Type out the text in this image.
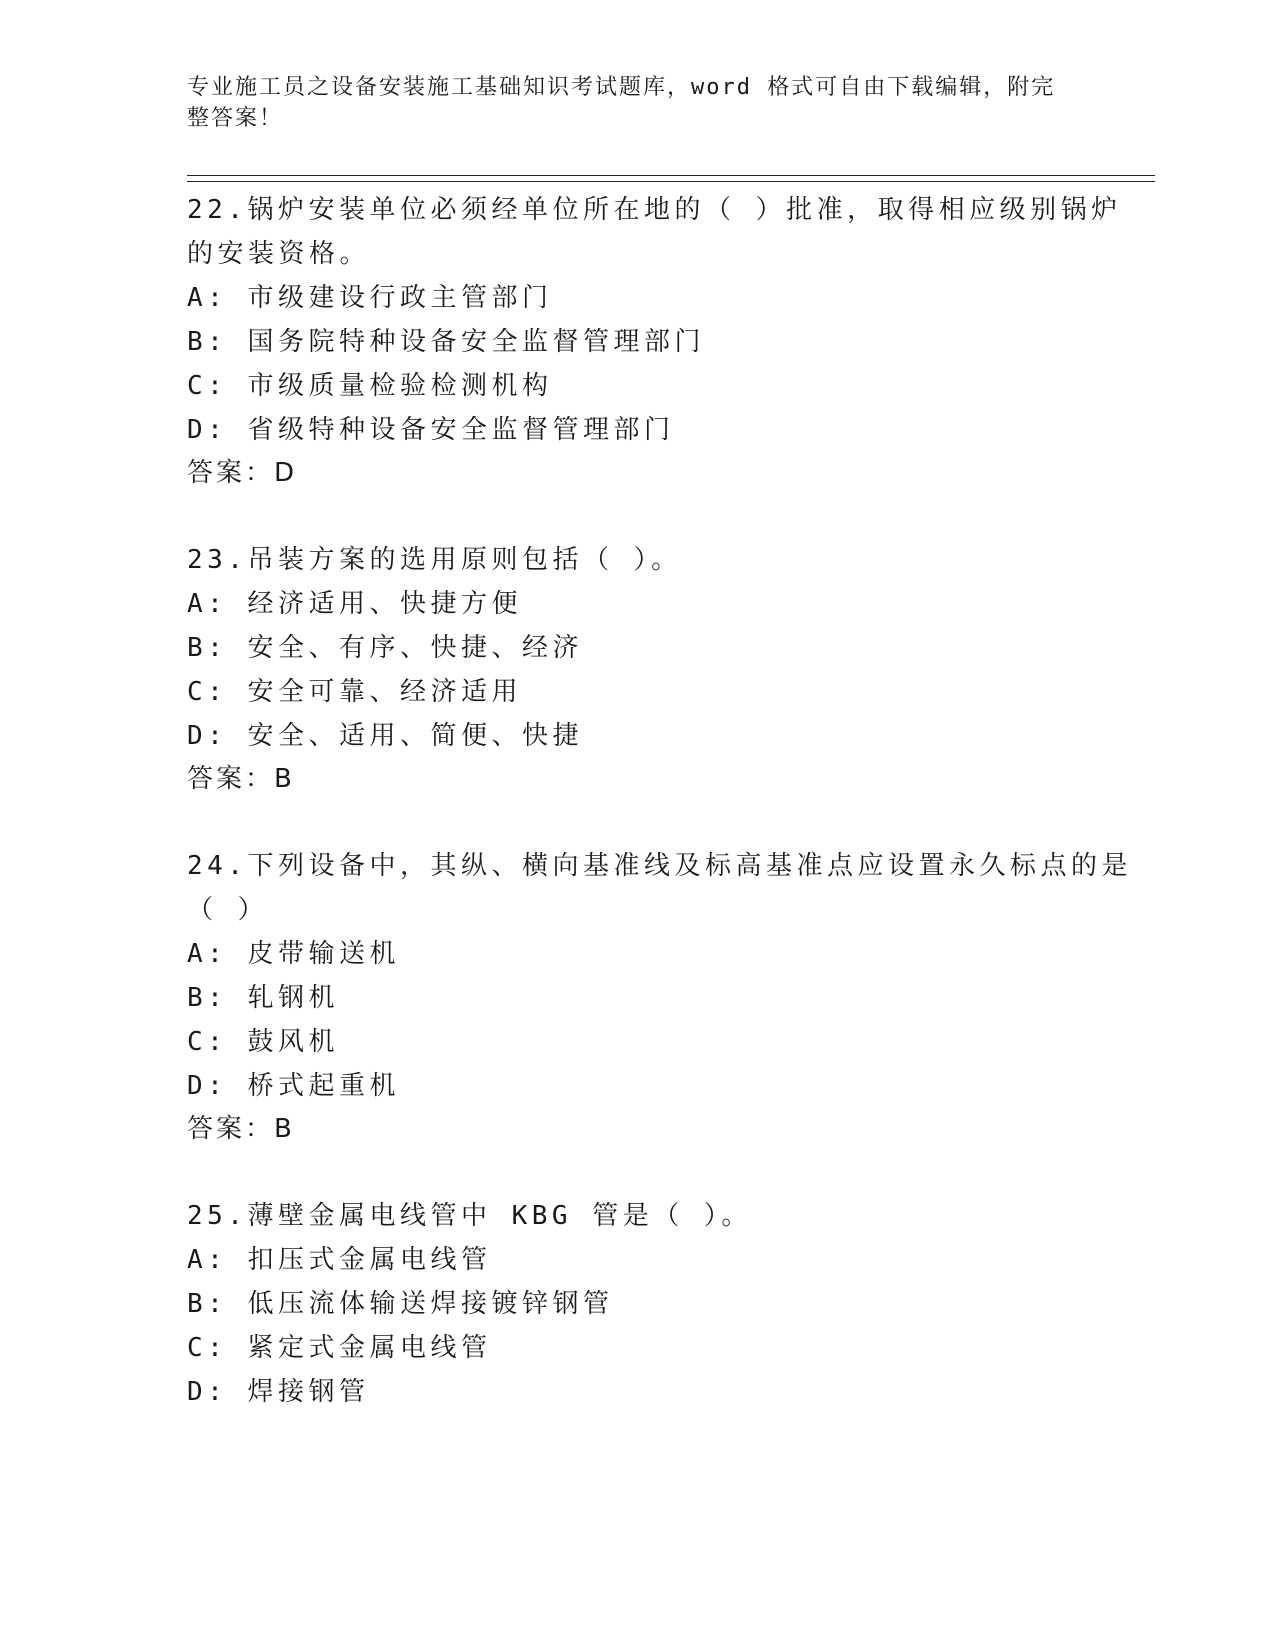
专业施工员之设备安装施工基础知识考试题库，word 格式可自由下载编辑，附完
整答案！
22.锅炉安装单位必须经单位所在地的（ ）批准，取得相应级别锅炉
的安装资格。
A: 市级建设行政主管部门
B: 国务院特种设备安全监督管理部门
C: 市级质量检验检测机构
D: 省级特种设备安全监督管理部门
答案：D
23.吊装方案的选用原则包括（ ）。
A: 经济适用、快捷方便
B: 安全、有序、快捷、经济
C: 安全可靠、经济适用
D: 安全、适用、简便、快捷
答案：B
24.下列设备中，其纵、横向基准线及标高基准点应设置永久标点的是
（ ）
A: 皮带输送机
B: 轧钢机
C: 鼓风机
D: 桥式起重机
答案：B
25.薄壁金属电线管中 KBG 管是（ ）。
A: 扣压式金属电线管
B: 低压流体输送焊接镀锌钢管
C: 紧定式金属电线管
D: 焊接钢管
